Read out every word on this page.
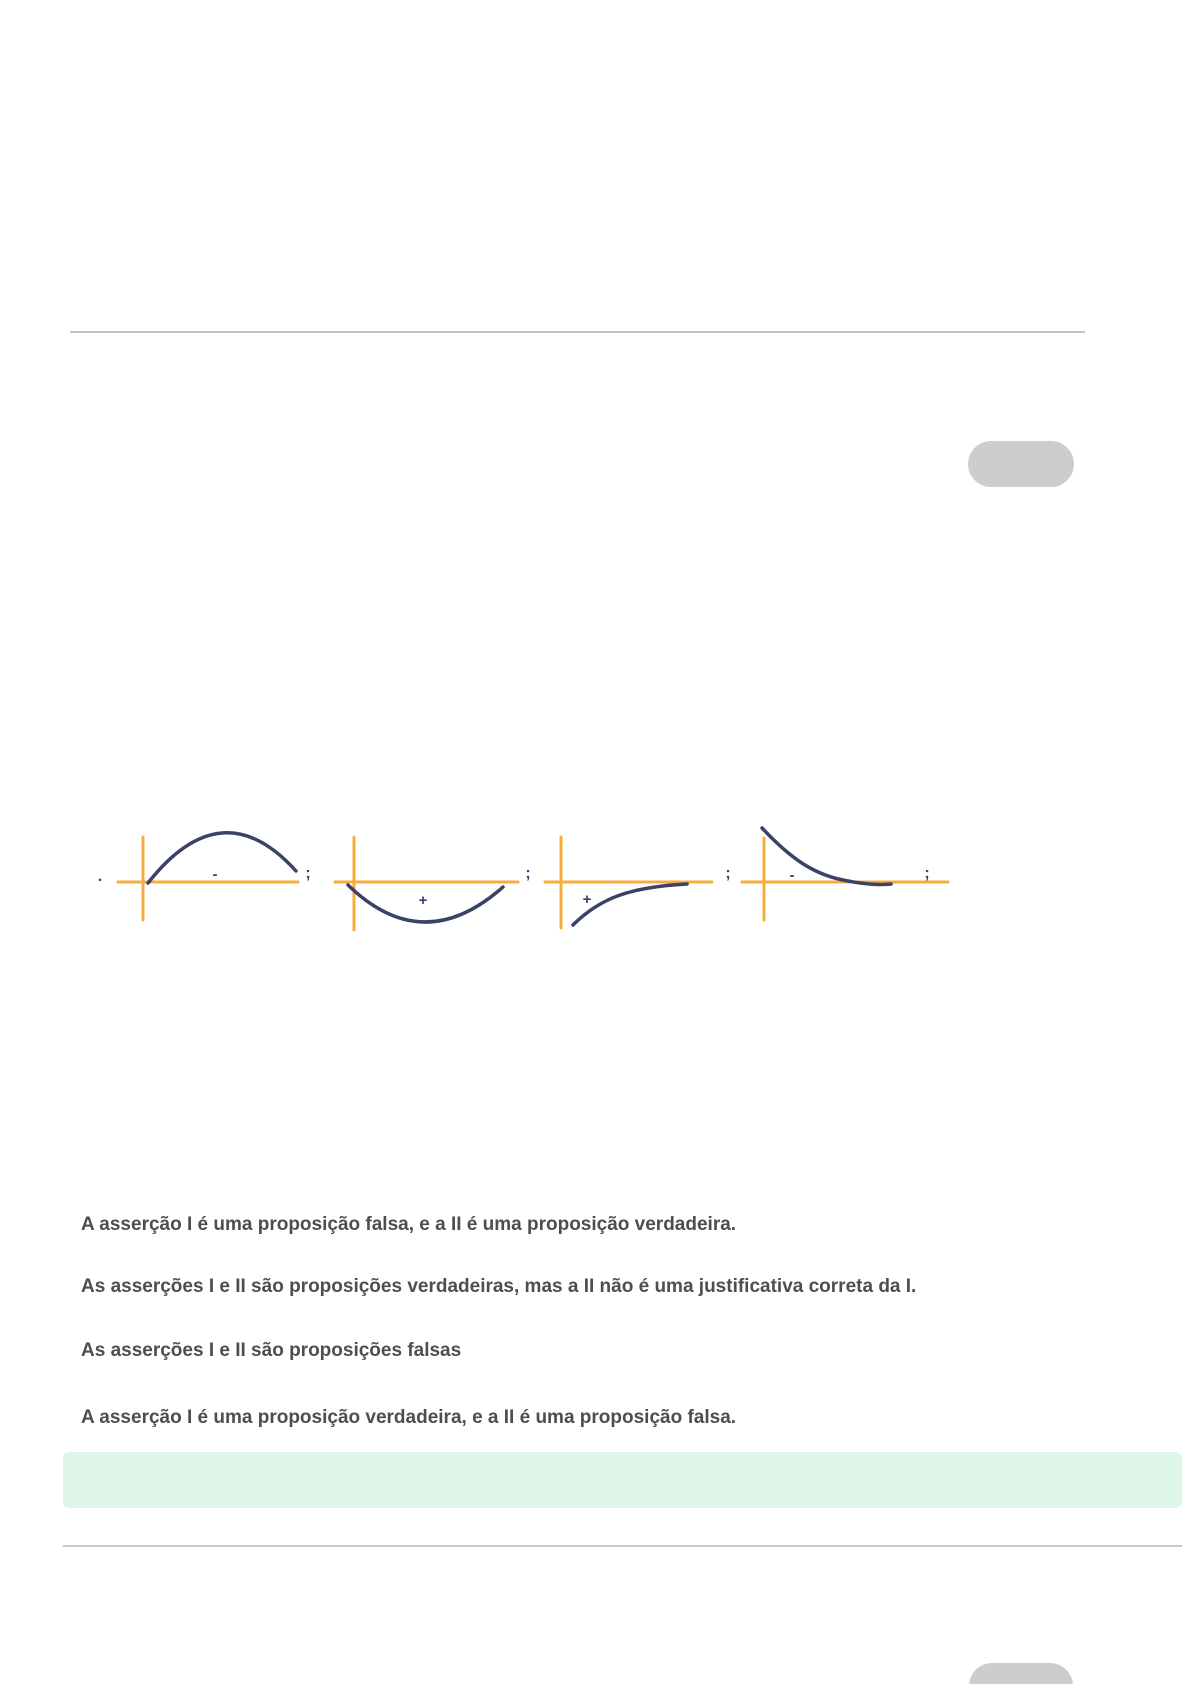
.	-	;
+
;
+
;	-	;
A asserção I é uma proposição falsa, e a II é uma proposição verdadeira.
As asserções I e II são proposições verdadeiras, mas a II não é uma justificativa correta da I.
As asserções I e II são proposições falsas
A asserção I é uma proposição verdadeira, e a II é uma proposição falsa.
